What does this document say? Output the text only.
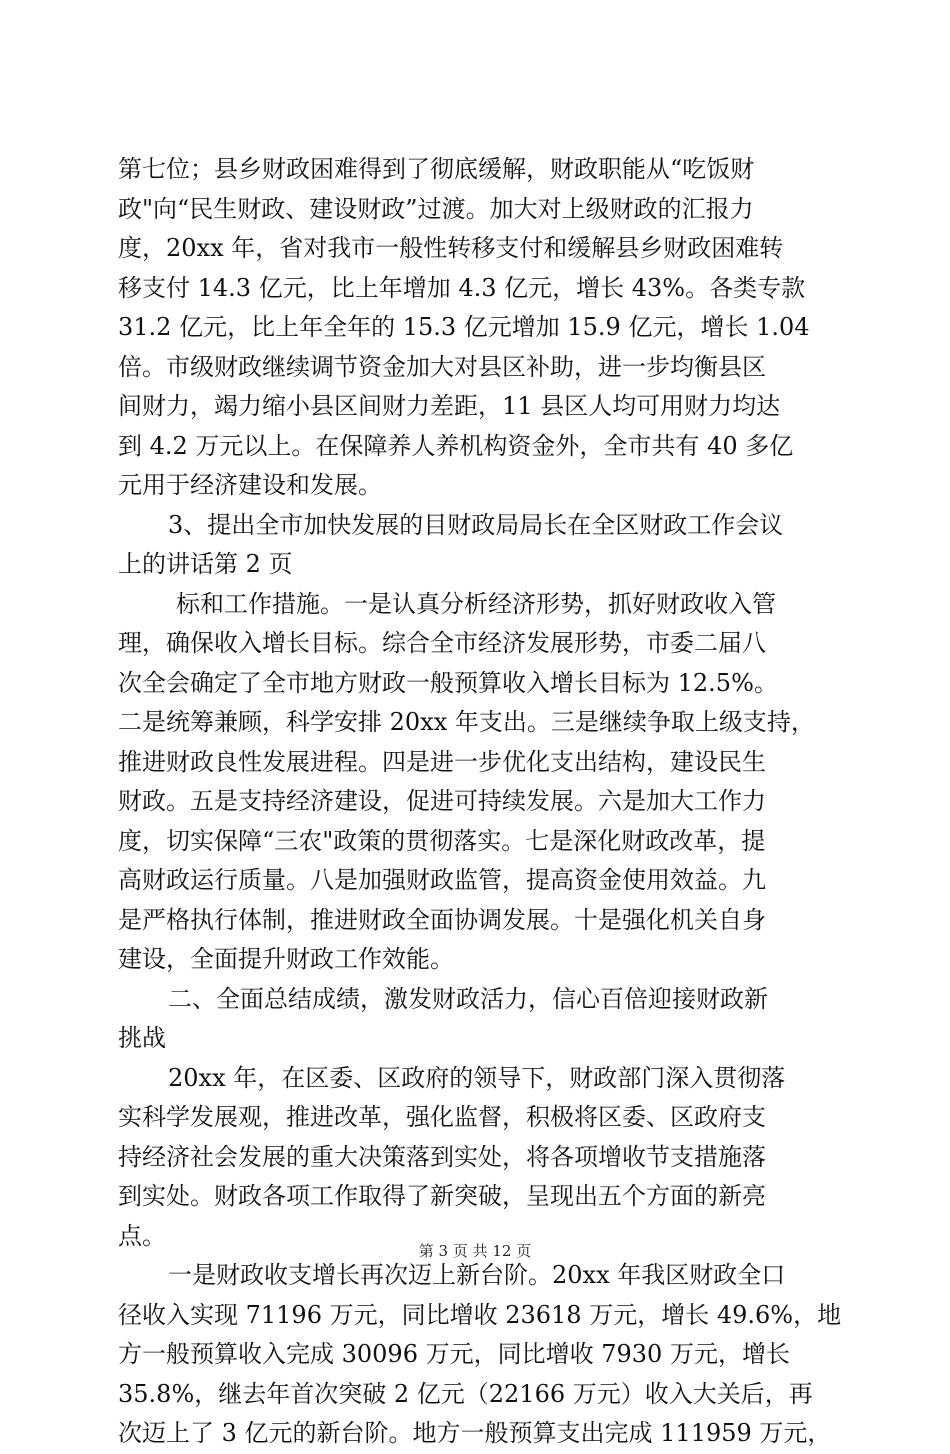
第七位；县乡财政困难得到了彻底缓解，财政职能从“吃饭财
政"向“民生财政、建设财政”过渡。加大对上级财政的汇报力
度，20xx 年，省对我市一般性转移支付和缓解县乡财政困难转
移支付 14.3 亿元，比上年增加 4.3 亿元，增长 43%。各类专款
31.2 亿元，比上年全年的 15.3 亿元增加 15.9 亿元，增长 1.04
倍。市级财政继续调节资金加大对县区补助，进一步均衡县区
间财力，竭力缩小县区间财力差距，11 县区人均可用财力均达
到 4.2 万元以上。在保障养人养机构资金外，全市共有 40 多亿
元用于经济建设和发展。
3、提出全市加快发展的目财政局局长在全区财政工作会议
上的讲话第 2 页
标和工作措施。一是认真分析经济形势，抓好财政收入管
理，确保收入增长目标。综合全市经济发展形势，市委二届八
次全会确定了全市地方财政一般预算收入增长目标为 12.5%。
二是统筹兼顾，科学安排 20xx 年支出。三是继续争取上级支持，
推进财政良性发展进程。四是进一步优化支出结构，建设民生
财政。五是支持经济建设，促进可持续发展。六是加大工作力
度，切实保障“三农"政策的贯彻落实。七是深化财政改革，提
高财政运行质量。八是加强财政监管，提高资金使用效益。九
是严格执行体制，推进财政全面协调发展。十是强化机关自身
建设，全面提升财政工作效能。
二、全面总结成绩，激发财政活力，信心百倍迎接财政新
挑战
20xx 年，在区委、区政府的领导下，财政部门深入贯彻落
实科学发展观，推进改革，强化监督，积极将区委、区政府支
持经济社会发展的重大决策落到实处，将各项增收节支措施落
到实处。财政各项工作取得了新突破，呈现出五个方面的新亮
点。
一是财政收支增长再次迈上新台阶。20xx 年我区财政全口
径收入实现 71196 万元，同比增收 23618 万元，增长 49.6%，地
方一般预算收入完成 30096 万元，同比增收 7930 万元，增长
35.8%，继去年首次突破 2 亿元（22166 万元）收入大关后，再
次迈上了 3 亿元的新台阶。地方一般预算支出完成 111959 万元，
第 3 页 共 12 页
